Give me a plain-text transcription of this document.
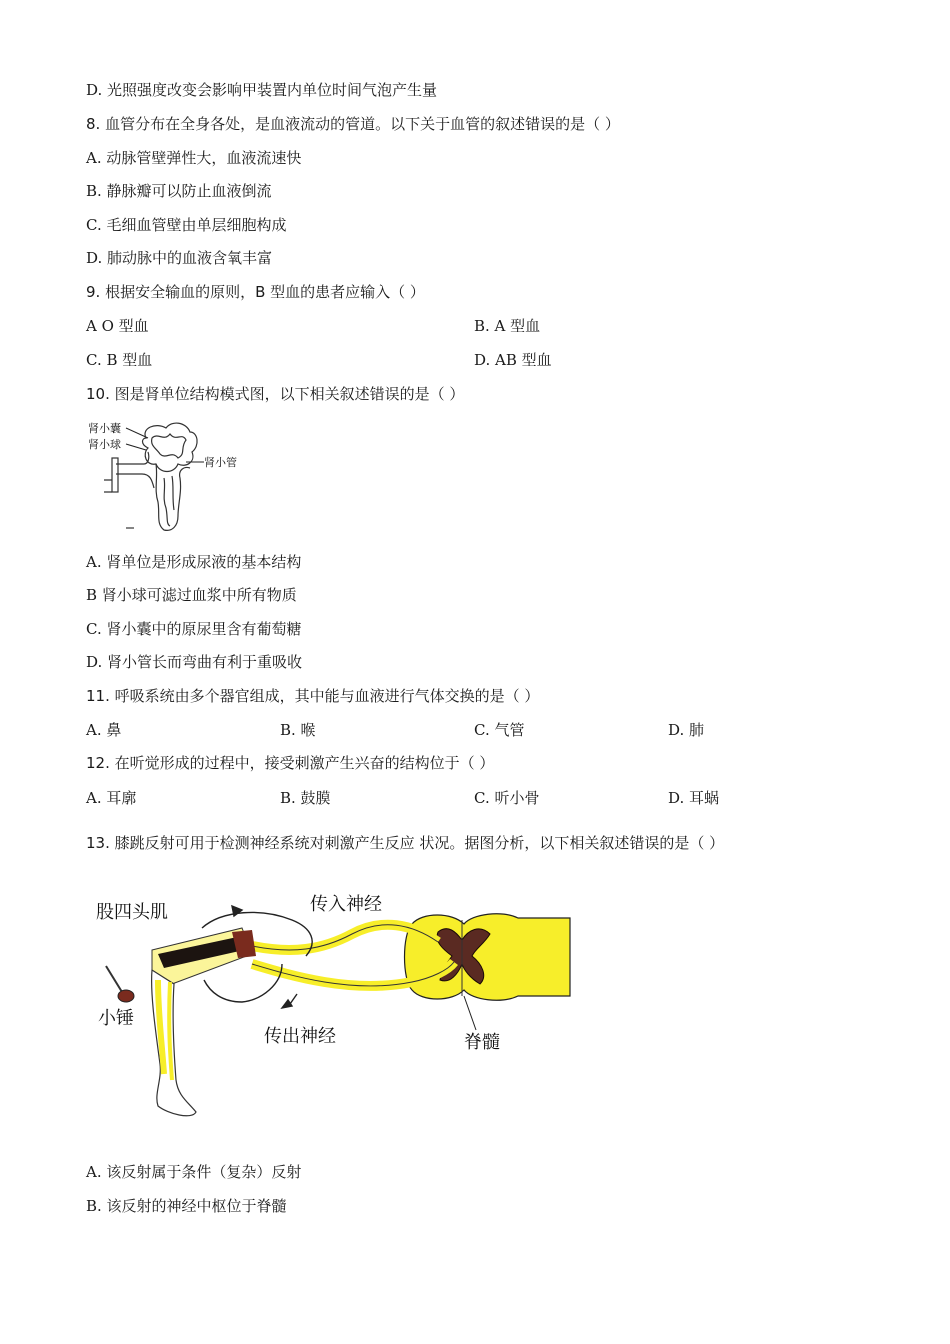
D. 光照强度改变会影响甲装置内单位时间气泡产生量
8. 血管分布在全身各处，是血液流动的管道。以下关于血管的叙述错误的是（ ）
A. 动脉管壁弹性大，血液流速快
B. 静脉瓣可以防止血液倒流
C. 毛细血管壁由单层细胞构成
D. 肺动脉中的血液含氧丰富
9. 根据安全输血的原则，B 型血的患者应输入（ ）
A O 型血	B. A 型血
C. B 型血	D. AB 型血
10. 图是肾单位结构模式图，以下相关叙述错误的是（ ）
肾小囊
肾小球
肾小管
A. 肾单位是形成尿液的基本结构
B 肾小球可滤过血浆中所有物质
C. 肾小囊中的原尿里含有葡萄糖
D. 肾小管长而弯曲有利于重吸收
11. 呼吸系统由多个器官组成，其中能与血液进行气体交换的是（ ）
A. 鼻	B. 喉	C. 气管	D. 肺
12. 在听觉形成的过程中，接受刺激产生兴奋的结构位于（ ）
A. 耳廓	B. 鼓膜	C. 听小骨	D. 耳蜗
13. 膝跳反射可用于检测神经系统对刺激产生反应 状况。据图分析，以下相关叙述错误的是（ ）
股四头肌	传入神经
小锤
传出神经	脊髓
A. 该反射属于条件（复杂）反射
B. 该反射的神经中枢位于脊髓
